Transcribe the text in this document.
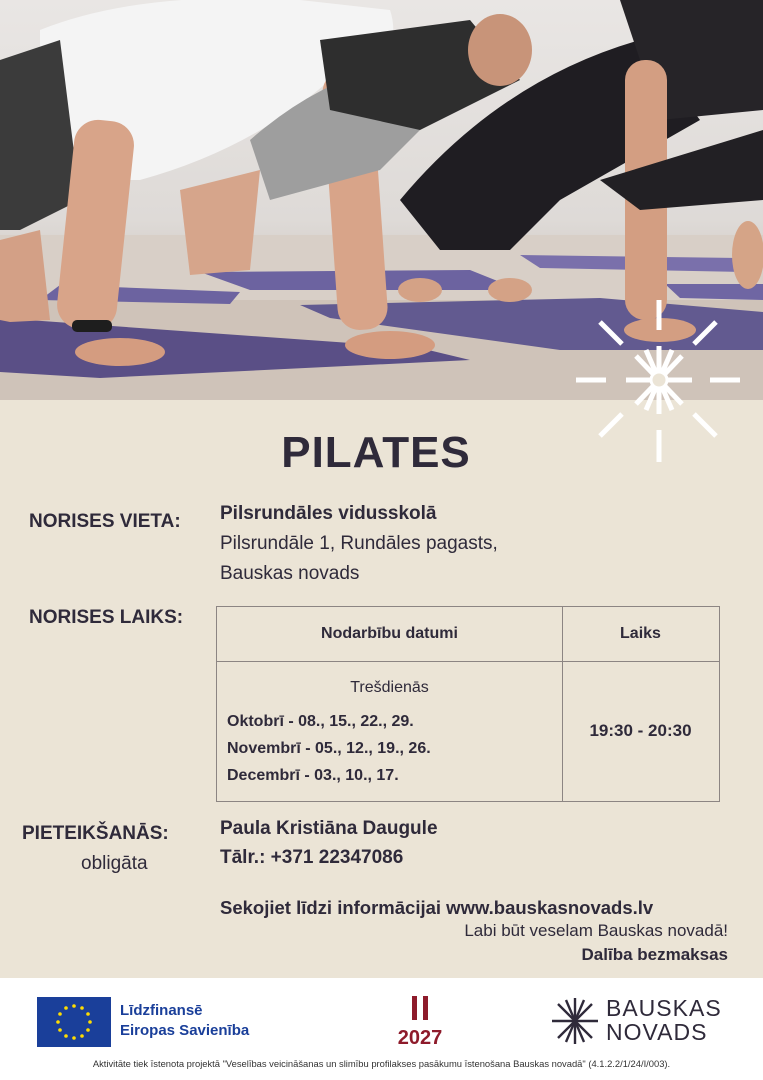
PILATES
NORISES VIETA: Pilsrundāles vidusskolā
Pilsrundāle 1, Rundāles pagasts,
Bauskas novads
NORISES LAIKS:
Nodarbību datumi	Laiks
Trešdienās
Oktobrī - 08., 15., 22., 29.
Novembrī - 05., 12., 19., 26.
Decembrī - 03., 10., 17.
19:30 - 20:30
PIETEIKŠANĀS:
obligāta
Paula Kristiāna Daugule
Tālr.: +371 22347086
Sekojiet līdzi informācijai www.bauskasnovads.lv
Labi būt veselam Bauskas novadā!
Dalība bezmaksas
Līdzfinansē
Eiropas Savienība	2027
BAUSKAS
NOVADS
Aktivitāte tiek īstenota projektā "Veselības veicināšanas un slimību profilakses pasākumu īstenošana Bauskas novadā" (4.1.2.2/1/24/I/003).
